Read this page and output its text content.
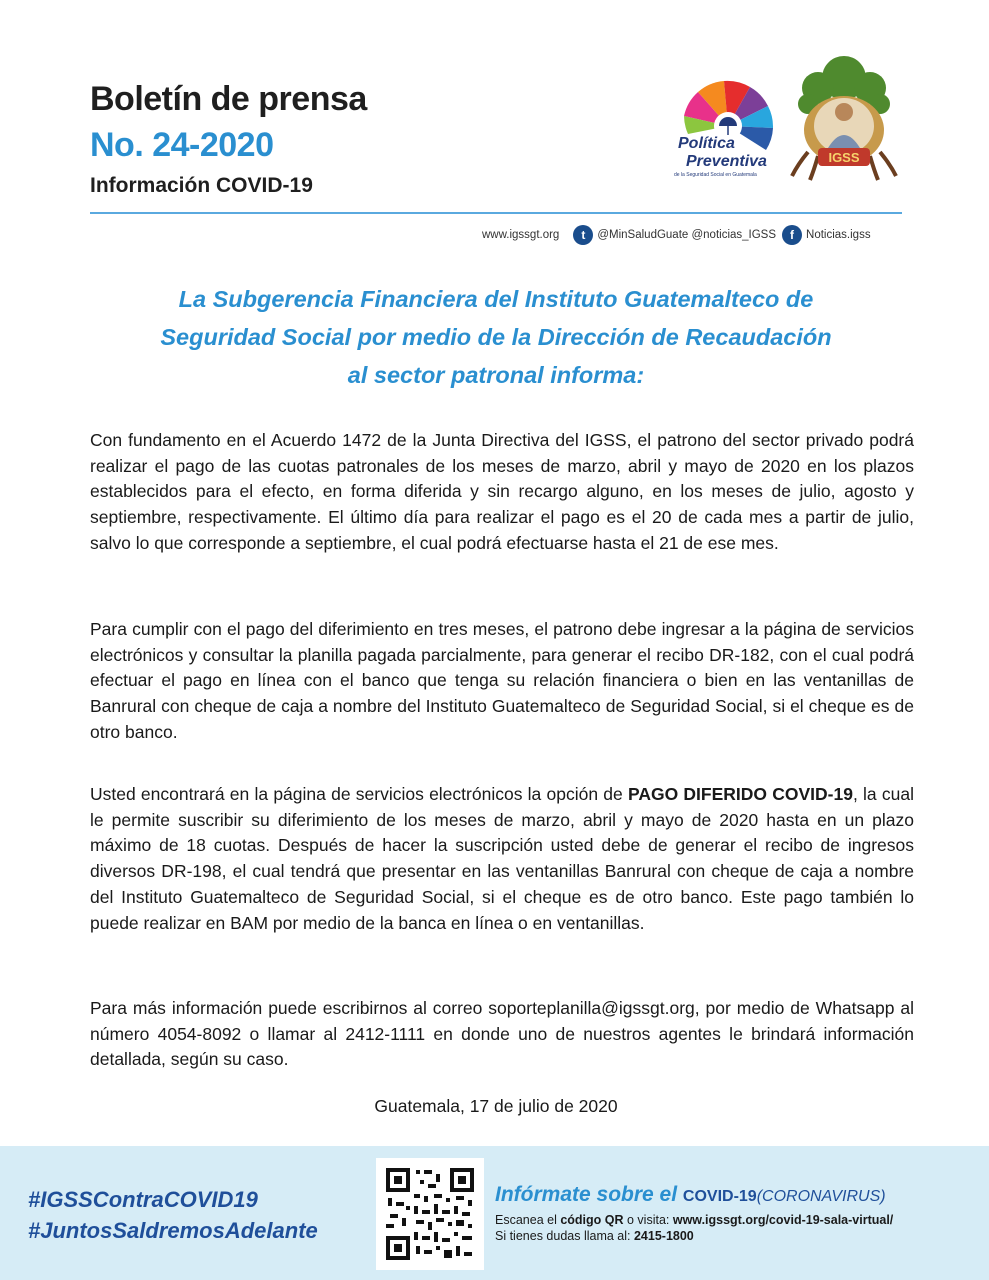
Boletín de prensa
No. 24-2020
Información COVID-19
Política
Preventiva
de la Seguridad Social en Guatemala
IGSS
www.igssgt.org	t	@MinSaludGuate @noticias_IGSS	f	Noticias.igss
La Subgerencia Financiera del Instituto Guatemalteco de
Seguridad Social por medio de la Dirección de Recaudación
al sector patronal informa:

Con fundamento en el Acuerdo 1472 de la Junta Directiva del IGSS, el patrono del sector privado podrá realizar el pago de las cuotas patronales de los meses de marzo, abril y mayo de 2020 en los plazos establecidos para el efecto, en forma diferida y sin recargo alguno, en los meses de julio, agosto y septiembre, respectivamente. El último día para realizar el pago es el 20 de cada mes a partir de julio, salvo lo que corresponde a septiembre, el cual podrá efectuarse hasta el 21 de ese mes.

Para cumplir con el pago del diferimiento en tres meses, el patrono debe ingresar a la página de servicios electrónicos y consultar la planilla pagada parcialmente, para generar el recibo DR-182, con el cual podrá efectuar el pago en línea con el banco que tenga su relación financiera o bien en las ventanillas de Banrural con cheque de caja a nombre del Instituto Guatemalteco de Seguridad Social, si el cheque es de otro banco.

Usted encontrará en la página de servicios electrónicos la opción de PAGO DIFERIDO COVID-19, la cual le permite suscribir su diferimiento de los meses de marzo, abril y mayo de 2020 hasta en un plazo máximo de 18 cuotas. Después de hacer la suscripción usted debe de generar el recibo de ingresos diversos DR-198, el cual tendrá que presentar en las ventanillas Banrural con cheque de caja a nombre del Instituto Guatemalteco de Seguridad Social, si el cheque es de otro banco. Este pago también lo puede realizar en BAM por medio de la banca en línea o en ventanillas.

Para más información puede escribirnos al correo soporteplanilla@igssgt.org, por medio de Whatsapp al número 4054-8092 o llamar al 2412-1111 en donde uno de nuestros agentes le brindará información detallada, según su caso.

Guatemala, 17 de julio de 2020
#IGSSContraCOVID19
#JuntosSaldremosAdelante
Infórmate sobre el COVID-19(CORONAVIRUS)
Escanea el código QR o visita: www.igssgt.org/covid-19-sala-virtual/
Si tienes dudas llama al: 2415-1800
